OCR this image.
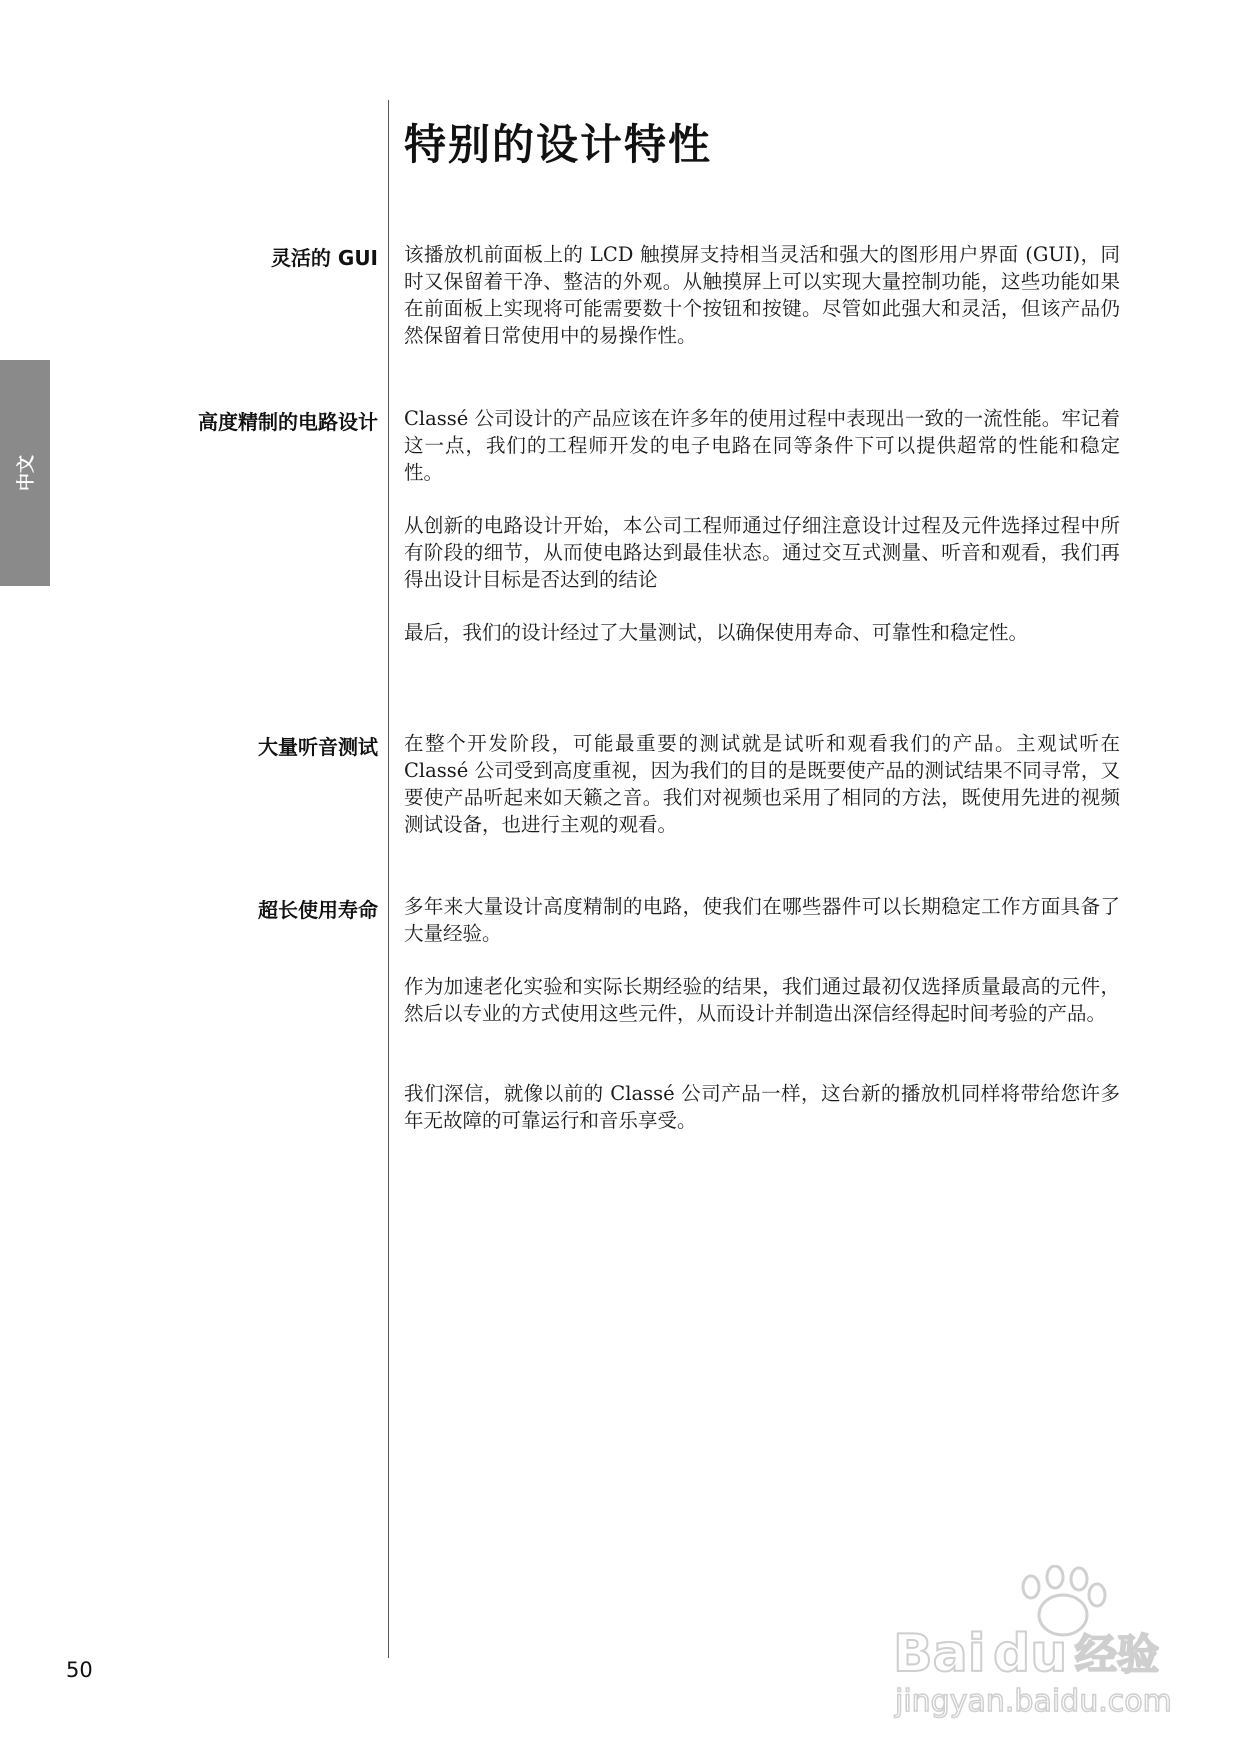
特别的设计特性
中文
灵活的 GUI 该播放机前面板上的 LCD 触摸屏支持相当灵活和强大的图形用户界面 (GUI)，同时又保留着干净、整洁的外观。从触摸屏上可以实现大量控制功能，这些功能如果在前面板上实现将可能需要数十个按钮和按键。尽管如此强大和灵活，但该产品仍然保留着日常使用中的易操作性。

高度精制的电路设计 Classé 公司设计的产品应该在许多年的使用过程中表现出一致的一流性能。牢记着这一点，我们的工程师开发的电子电路在同等条件下可以提供超常的性能和稳定性。

从创新的电路设计开始，本公司工程师通过仔细注意设计过程及元件选择过程中所有阶段的细节，从而使电路达到最佳状态。通过交互式测量、听音和观看，我们再得出设计目标是否达到的结论

最后，我们的设计经过了大量测试，以确保使用寿命、可靠性和稳定性。

大量听音测试 在整个开发阶段，可能最重要的测试就是试听和观看我们的产品。主观试听在 Classé 公司受到高度重视，因为我们的目的是既要使产品的测试结果不同寻常，又要使产品听起来如天籁之音。我们对视频也采用了相同的方法，既使用先进的视频测试设备，也进行主观的观看。

超长使用寿命 多年来大量设计高度精制的电路，使我们在哪些器件可以长期稳定工作方面具备了大量经验。

作为加速老化实验和实际长期经验的结果，我们通过最初仅选择质量最高的元件，然后以专业的方式使用这些元件，从而设计并制造出深信经得起时间考验的产品。

我们深信，就像以前的 Classé 公司产品一样，这台新的播放机同样将带给您许多年无故障的可靠运行和音乐享受。

50	Bai du 经验
jingyan.baidu.com
